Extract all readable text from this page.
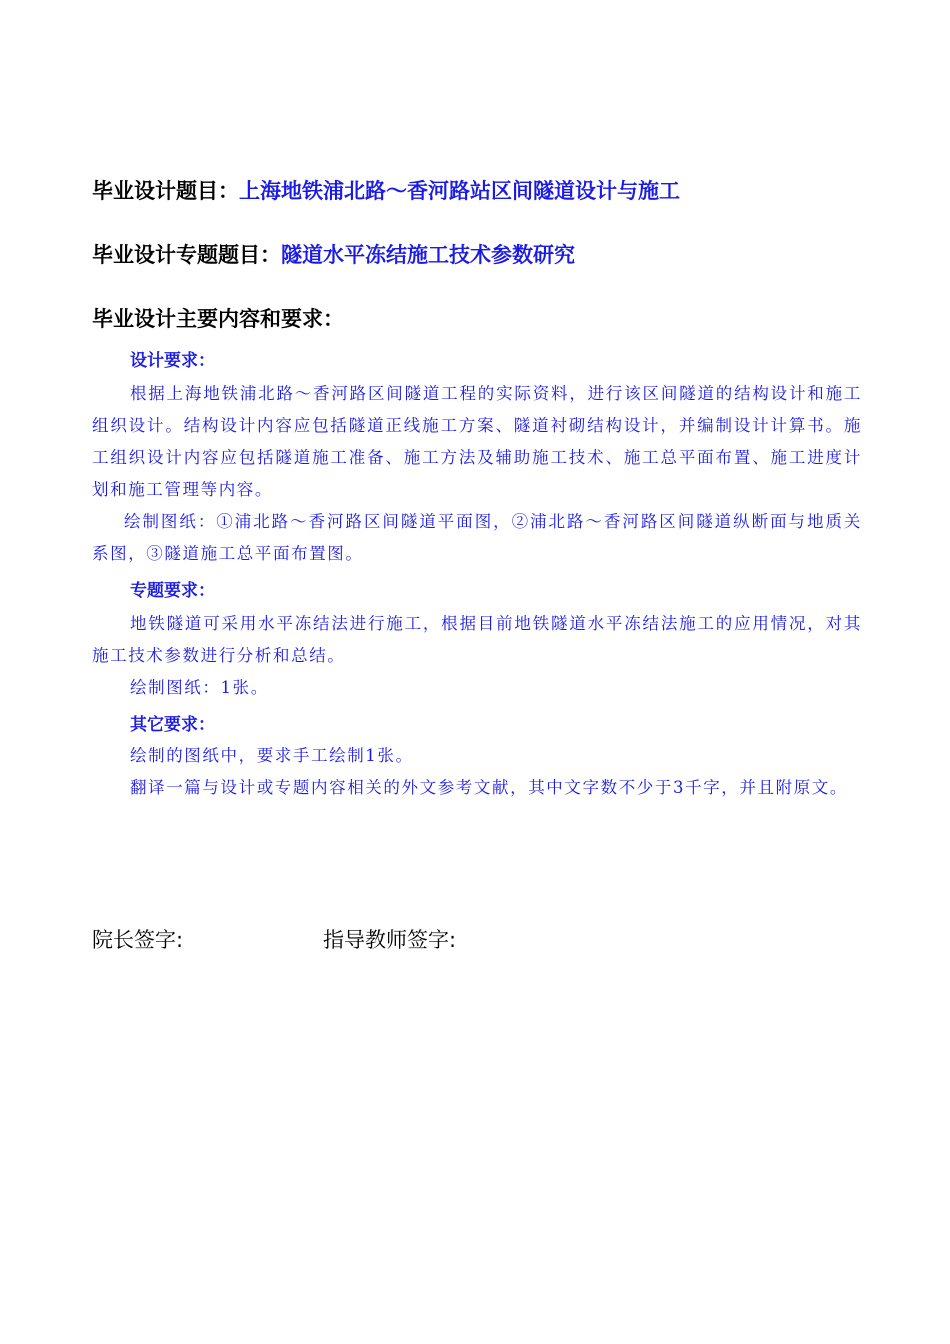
毕业设计题目：上海地铁浦北路～香河路站区间隧道设计与施工
毕业设计专题题目：隧道水平冻结施工技术参数研究
毕业设计主要内容和要求：
设计要求：
根据上海地铁浦北路～香河路区间隧道工程的实际资料，进行该区间隧道的结构设计和施工组织设计。结构设计内容应包括隧道正线施工方案、隧道衬砌结构设计，并编制设计计算书。施工组织设计内容应包括隧道施工准备、施工方法及辅助施工技术、施工总平面布置、施工进度计划和施工管理等内容。
绘制图纸：①浦北路～香河路区间隧道平面图，②浦北路～香河路区间隧道纵断面与地质关系图，③隧道施工总平面布置图。
专题要求：
地铁隧道可采用水平冻结法进行施工，根据目前地铁隧道水平冻结法施工的应用情况，对其施工技术参数进行分析和总结。
绘制图纸：1张。
其它要求：
绘制的图纸中，要求手工绘制1张。
翻译一篇与设计或专题内容相关的外文参考文献，其中文字数不少于3千字，并且附原文。
院长签字:	指导教师签字:
